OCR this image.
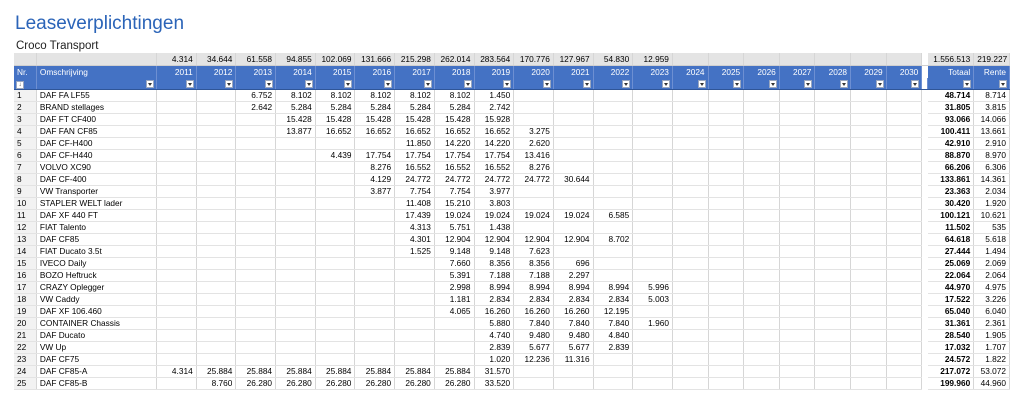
Leaseverplichtingen
Croco Transport
		4.314	34.644	61.558	94.855	102.069	131.666	215.298	262.014	283.564	170.776	127.967	54.830	12.959									1.556.513	219.227
Nr.	Omschrijving	2011	2012	2013	2014	2015	2016	2017	2018	2019	2020	2021	2022	2023	2024	2025	2026	2027	2028	2029	2030		Totaal	Rente
↓	

1	DAF FA LF55			6.752	8.102	8.102	8.102	8.102	8.102	1.450													48.714	8.714
2	BRAND stellages			2.642	5.284	5.284	5.284	5.284	5.284	2.742													31.805	3.815
3	DAF FT CF400				15.428	15.428	15.428	15.428	15.428	15.928													93.066	14.066
4	DAF FAN CF85				13.877	16.652	16.652	16.652	16.652	16.652	3.275												100.411	13.661
5	DAF CF-H400							11.850	14.220	14.220	2.620												42.910	2.910
6	DAF CF-H440					4.439	17.754	17.754	17.754	17.754	13.416												88.870	8.970
7	VOLVO XC90						8.276	16.552	16.552	16.552	8.276												66.206	6.306
8	DAF CF-400						4.129	24.772	24.772	24.772	24.772	30.644											133.861	14.361
9	VW Transporter						3.877	7.754	7.754	3.977													23.363	2.034
10	STAPLER WELT lader							11.408	15.210	3.803													30.420	1.920
11	DAF XF 440 FT							17.439	19.024	19.024	19.024	19.024	6.585										100.121	10.621
12	FIAT Talento							4.313	5.751	1.438													11.502	535
13	DAF CF85							4.301	12.904	12.904	12.904	12.904	8.702										64.618	5.618
14	FIAT Ducato 3.5t							1.525	9.148	9.148	7.623												27.444	1.494
15	IVECO Daily								7.660	8.356	8.356	696											25.069	2.069
16	BOZO Heftruck								5.391	7.188	7.188	2.297											22.064	2.064
17	CRAZY Oplegger								2.998	8.994	8.994	8.994	8.994	5.996									44.970	4.975
18	VW Caddy								1.181	2.834	2.834	2.834	2.834	5.003									17.522	3.226
19	DAF XF 106.460								4.065	16.260	16.260	16.260	12.195										65.040	6.040
20	CONTAINER Chassis									5.880	7.840	7.840	7.840	1.960									31.361	2.361
21	DAF Ducato									4.740	9.480	9.480	4.840										28.540	1.905
22	VW Up									2.839	5.677	5.677	2.839										17.032	1.707
23	DAF CF75									1.020	12.236	11.316											24.572	1.822
24	DAF CF85-A	4.314	25.884	25.884	25.884	25.884	25.884	25.884	25.884	31.570													217.072	53.072
25	DAF CF85-B		8.760	26.280	26.280	26.280	26.280	26.280	26.280	33.520													199.960	44.960
